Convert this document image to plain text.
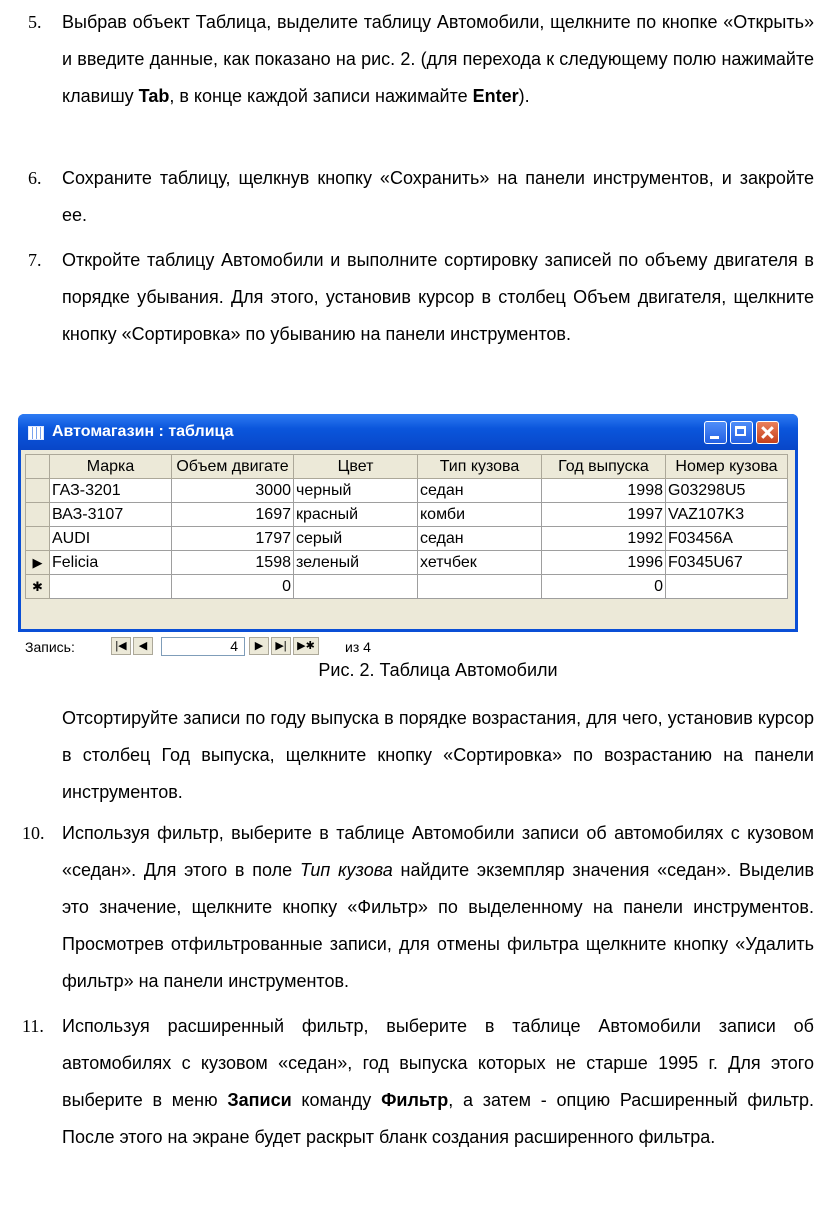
5. Выбрав объект Таблица, выделите таблицу Автомобили, щелкните по кнопке «Открыть» и введите данные, как показано на рис. 2. (для перехода к следующему полю нажимайте клавишу Tab, в конце каждой записи нажимайте Enter).

6. Сохраните таблицу, щелкнув кнопку «Сохранить» на панели инструментов, и закройте ее.

7. Откройте таблицу Автомобили и выполните сортировку записей по объему двигателя в порядке убывания. Для этого, установив курсор в столбец Объем двигателя, щелкните кнопку «Сортировка» по убыванию на панели инструментов.

Автомагазин : таблица
	Марка	Объем двигате	Цвет	Тип кузова	Год выпуска	Номер кузова
	ГАЗ-3201	3000	черный	седан	1998	G03298U5
	ВАЗ-3107	1697	красный	комби	1997	VAZ107K3
	AUDI	1797	серый	седан	1992	F03456A
▶	Felicia	1598	зеленый	хетчбек	1996	F0345U67
✱		0			0	
Запись:	|◀	◀	4	▶	▶| ▶✱ из 4
Рис. 2. Таблица Автомобили

Отсортируйте записи по году выпуска в порядке возрастания, для чего, установив курсор в столбец Год выпуска, щелкните кнопку «Сортировка» по возрастанию на панели инструментов.

10. Используя фильтр, выберите в таблице Автомобили записи об автомобилях с кузовом «седан». Для этого в поле Тип кузова найдите экземпляр значения «седан». Выделив это значение, щелкните кнопку «Фильтр» по выделенному на панели инструментов. Просмотрев отфильтрованные записи, для отмены фильтра щелкните кнопку «Удалить фильтр» на панели инструментов.

11. Используя расширенный фильтр, выберите в таблице Автомобили записи об автомобилях с кузовом «седан», год выпуска которых не старше 1995 г. Для этого выберите в меню Записи команду Фильтр, а затем - опцию Расширенный фильтр. После этого на экране будет раскрыт бланк создания расширенного фильтра.
